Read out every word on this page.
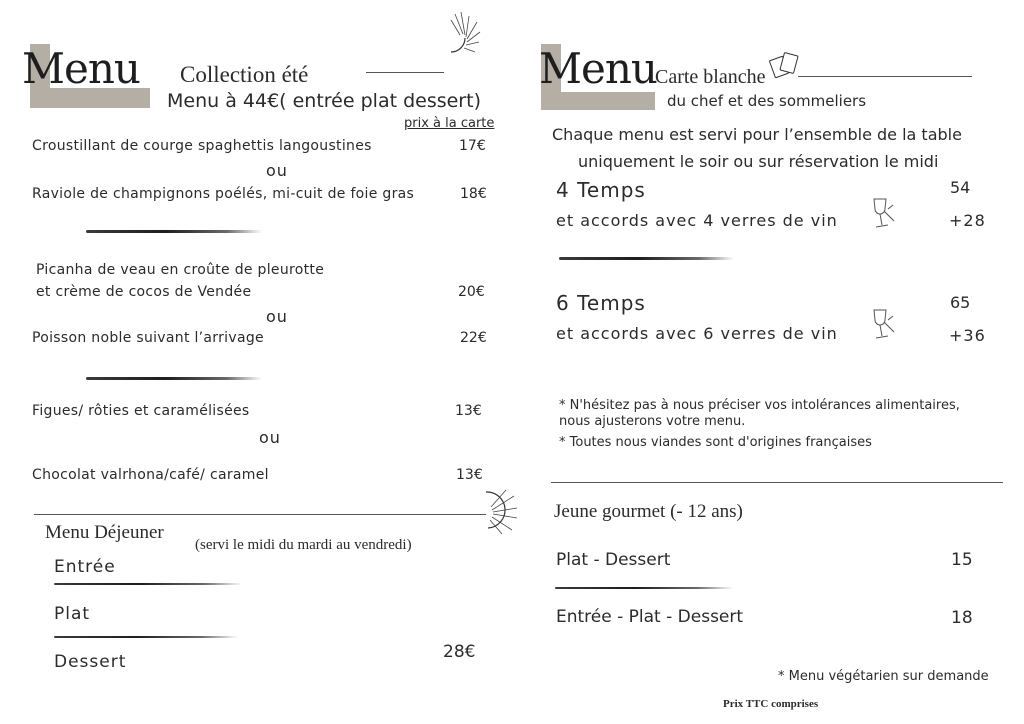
Menu Collection été
Menu à 44€( entrée plat dessert)
prix à la carte
Croustillant de courge spaghettis langoustines	17€
ou
Raviole de champignons poélés, mi-cuit de foie gras	18€
Picanha de veau en croûte de pleurotte
et crème de cocos de Vendée	20€
ou
Poisson noble suivant l’arrivage	22€
Figues/ rôties et caramélisées	13€
ou
Chocolat valrhona/café/ caramel	13€
Menu Déjeuner
(servi le midi du mardi au vendredi)
Entrée
Plat
Dessert	28€
Menu
Carte blanche
du chef et des sommeliers
Chaque menu est servi pour l’ensemble de la table
uniquement le soir ou sur réservation le midi
4 Temps	54
et accords avec 4 verres de vin	+28
6 Temps	65
et accords avec 6 verres de vin	+36
* N'hésitez pas à nous préciser vos intolérances alimentaires,
nous ajusterons votre menu.
* Toutes nous viandes sont d'origines françaises
Jeune gourmet (- 12 ans)
Plat - Dessert	15
Entrée - Plat - Dessert	18
* Menu végétarien sur demande
Prix TTC comprises
